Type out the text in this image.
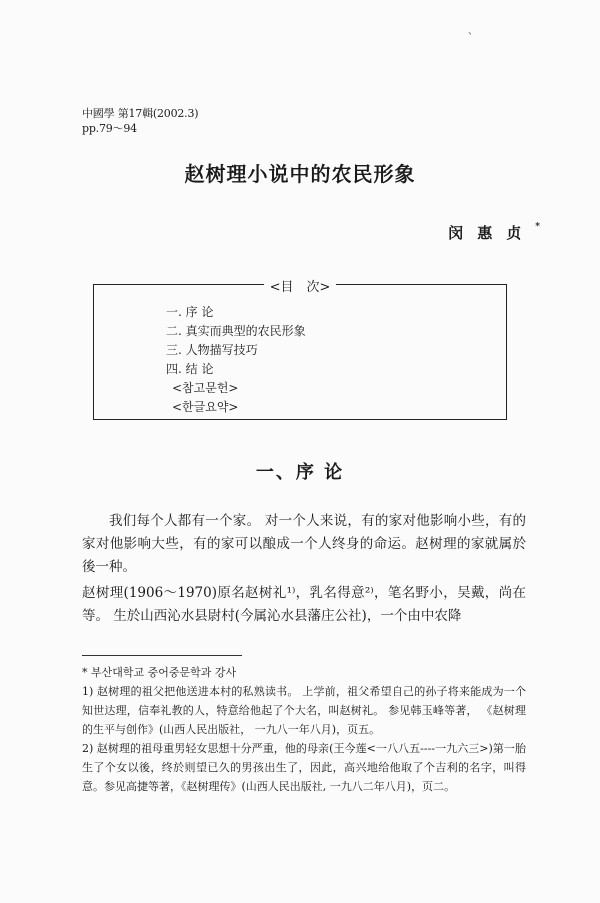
、
中國學 第17輯(2002.3)
pp.79～94
赵树理小说中的农民形象
闵惠贞*
<目　次>
一. 序 论
二. 真实而典型的农民形象
三. 人物描写技巧
四. 结 论
<참고문헌>
<한글요약>
一、序 论

我们每个人都有一个家。 对一个人来说，有的家对他影响小些，有的家对他影响大些，有的家可以酿成一个人终身的命运。赵树理的家就属於後一种。

赵树理(1906～1970)原名赵树礼¹⁾，乳名得意²⁾，笔名野小，吴戴，尚在等。 生於山西沁水县尉村(今属沁水县藩庄公社)，一个由中农降

* 부산대학교 중어중문학과 강사

1) 赵树理的祖父把他送进本村的私熟读书。 上学前，祖父希望自己的孙子将来能成为一个知世达理，信奉礼教的人，特意给他起了个大名，叫赵树礼。 参见韩玉峰等著， 《赵树理的生平与创作》(山西人民出版社， 一九八一年八月)，页五。

2) 赵树理的祖母重男轻女思想十分严重，他的母亲(王今莲<一八八五----一九六三>)第一胎生了个女以後，终於则望已久的男孩出生了，因此，高兴地给他取了个吉利的名字，叫得意。参见高捷等著，《赵树理传》(山西人民出版社, 一九八二年八月)，页二。
